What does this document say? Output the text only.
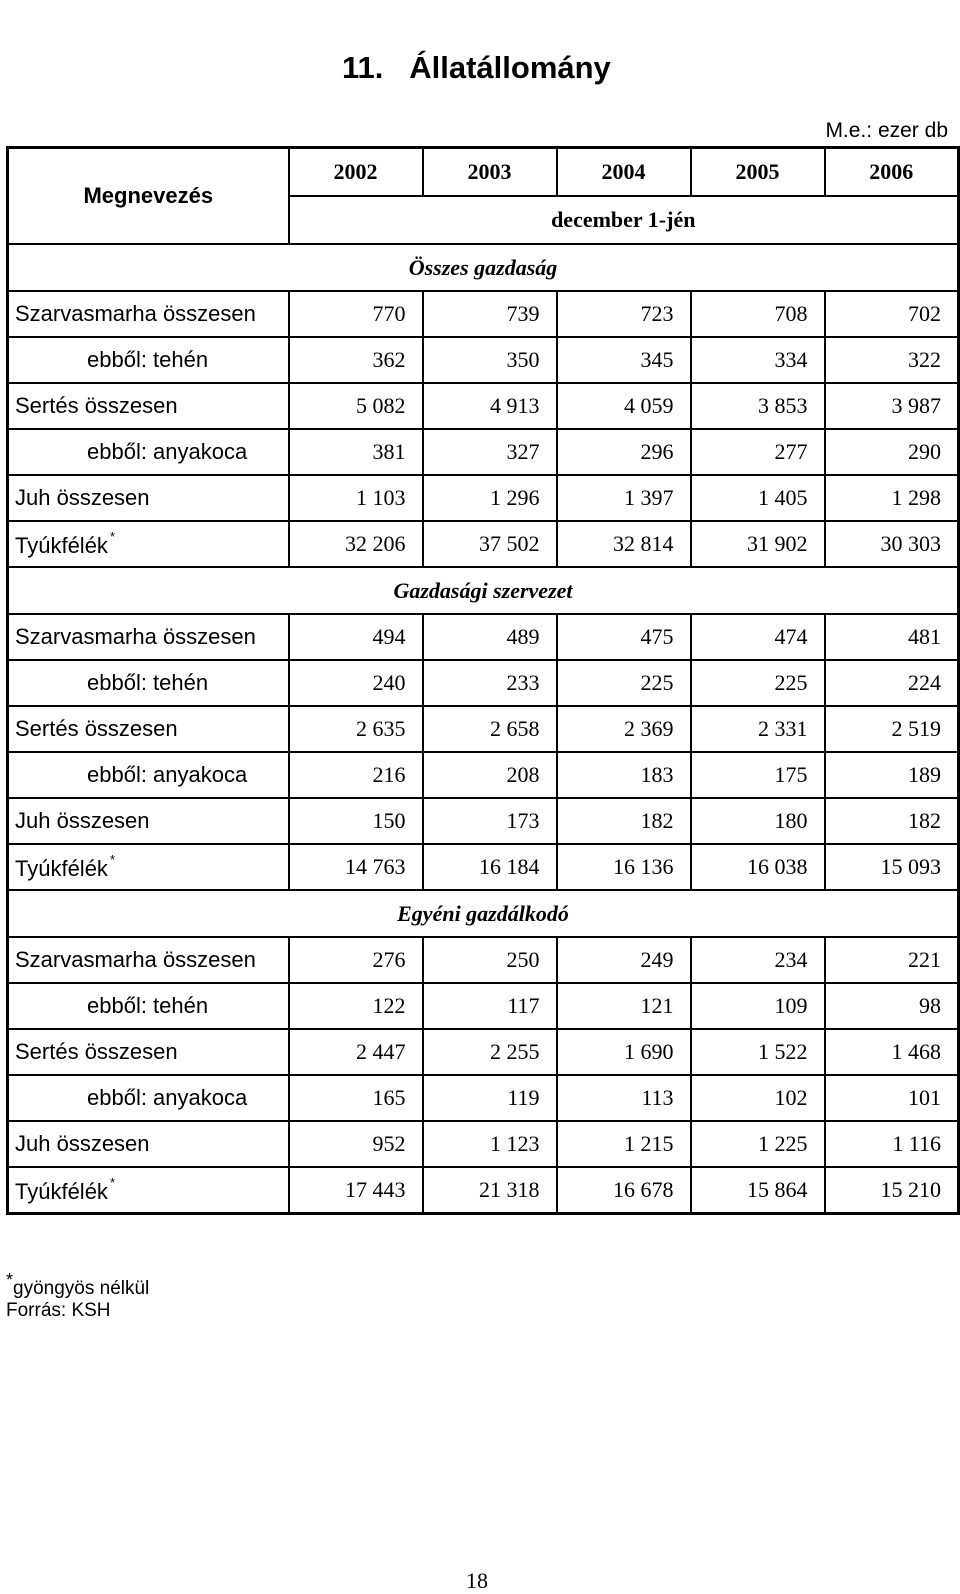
11. Állatállomány
M.e.: ezer db
Megnevezés	2002	2003	2004	2005	2006
	december 1-jén				
Összes gazdaság					
Szarvasmarha összesen	770	739	723	708	702
ebből: tehén	362	350	345	334	322
Sertés összesen	5 082	4 913	4 059	3 853	3 987
ebből: anyakoca	381	327	296	277	290
Juh összesen	1 103	1 296	1 397	1 405	1 298
Tyúkfélék *	32 206	37 502	32 814	31 902	30 303
Gazdasági szervezet					
Szarvasmarha összesen	494	489	475	474	481
ebből: tehén	240	233	225	225	224
Sertés összesen	2 635	2 658	2 369	2 331	2 519
ebből: anyakoca	216	208	183	175	189
Juh összesen	150	173	182	180	182
Tyúkfélék *	14 763	16 184	16 136	16 038	15 093
Egyéni gazdálkodó					
Szarvasmarha összesen	276	250	249	234	221
ebből: tehén	122	117	121	109	98
Sertés összesen	2 447	2 255	1 690	1 522	1 468
ebből: anyakoca	165	119	113	102	101
Juh összesen	952	1 123	1 215	1 225	1 116
Tyúkfélék *	17 443	21 318	16 678	15 864	15 210
*gyöngyös nélkül
Forrás: KSH
18
